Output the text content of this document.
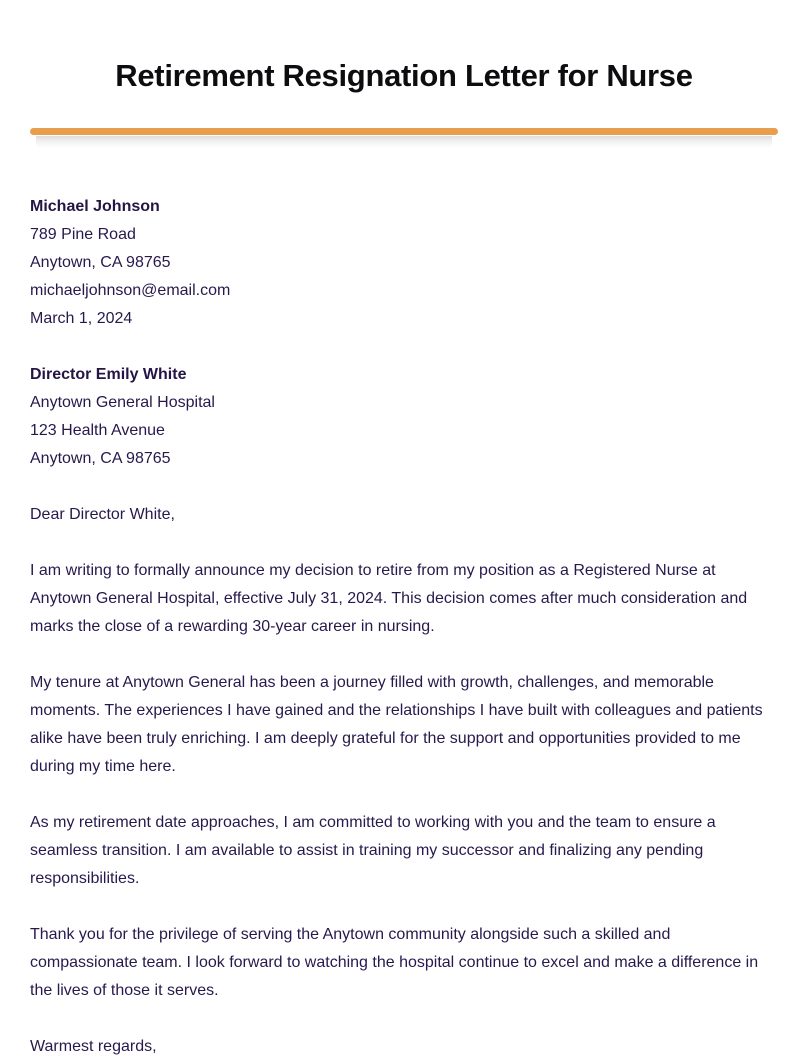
Retirement Resignation Letter for Nurse
Michael Johnson
789 Pine Road
Anytown, CA 98765
michaeljohnson@email.com
March 1, 2024
Director Emily White
Anytown General Hospital
123 Health Avenue
Anytown, CA 98765

Dear Director White,

I am writing to formally announce my decision to retire from my position as a Registered Nurse at Anytown General Hospital, effective July 31, 2024. This decision comes after much consideration and marks the close of a rewarding 30-year career in nursing.

My tenure at Anytown General has been a journey filled with growth, challenges, and memorable moments. The experiences I have gained and the relationships I have built with colleagues and patients alike have been truly enriching. I am deeply grateful for the support and opportunities provided to me during my time here.

As my retirement date approaches, I am committed to working with you and the team to ensure a seamless transition. I am available to assist in training my successor and finalizing any pending responsibilities.

Thank you for the privilege of serving the Anytown community alongside such a skilled and compassionate team. I look forward to watching the hospital continue to excel and make a difference in the lives of those it serves.

Warmest regards,
